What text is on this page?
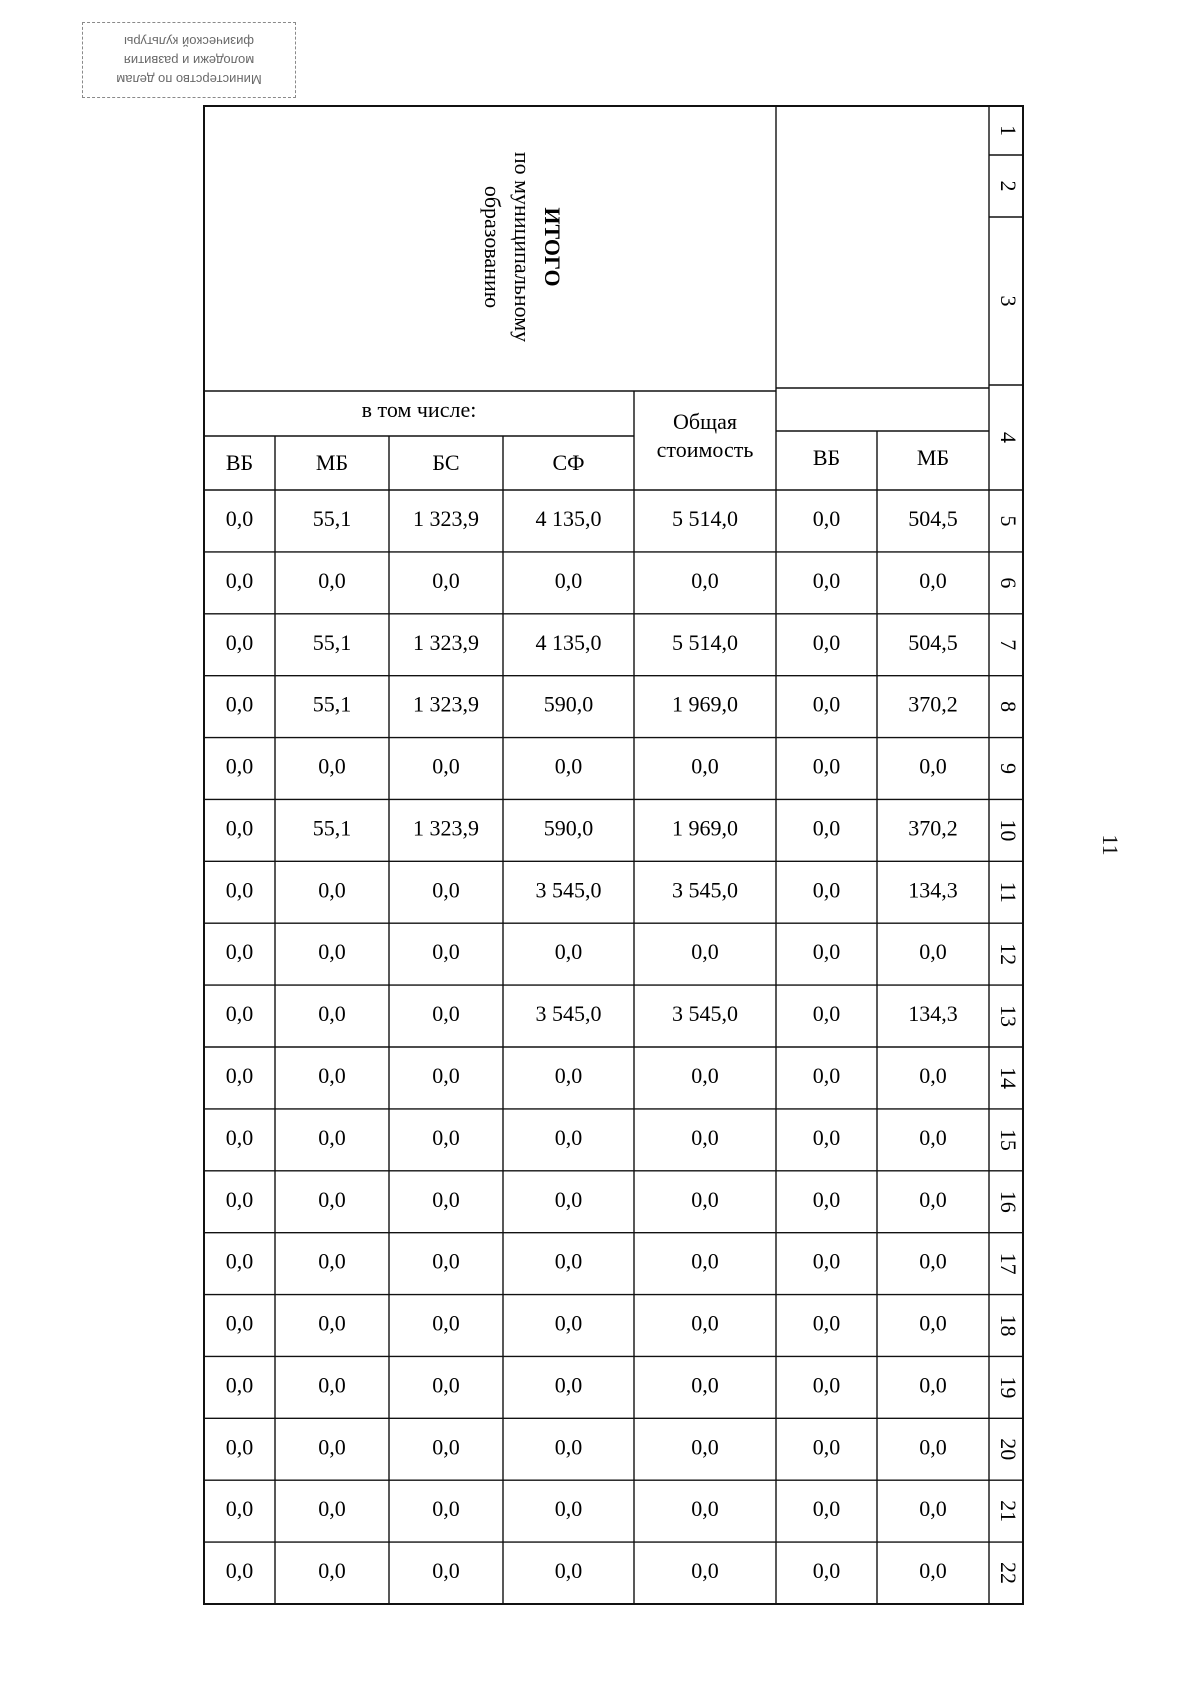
Министерство по делам
молодежи и развития
физической культуры
11
ИТОГО
по муниципальному
образованию
1
2
3
4
в том числе:	Общая
стоимость
ВБ	МБ	БС	СФ	ВБ	МБ
0,0	55,1	1 323,9	4 135,0	5 514,0	0,0	504,5 5
0,0	0,0	0,0	0,0	0,0	0,0	0,0 6
0,0	55,1	1 323,9	4 135,0	5 514,0	0,0	504,5 7
0,0	55,1	1 323,9	590,0	1 969,0	0,0	370,2 8
0,0	0,0	0,0	0,0	0,0	0,0	0,0 9
0,0	55,1	1 323,9	590,0	1 969,0	0,0	370,2 10
0,0	0,0	0,0	3 545,0	3 545,0	0,0	134,3 11
0,0	0,0	0,0	0,0	0,0	0,0	0,0 12
0,0	0,0	0,0	3 545,0	3 545,0	0,0	134,3 13
0,0	0,0	0,0	0,0	0,0	0,0	0,0 14
0,0	0,0	0,0	0,0	0,0	0,0	0,0 15
0,0	0,0	0,0	0,0	0,0	0,0	0,0 16
0,0	0,0	0,0	0,0	0,0	0,0	0,0 17
0,0	0,0	0,0	0,0	0,0	0,0	0,0 18
0,0	0,0	0,0	0,0	0,0	0,0	0,0 19
0,0	0,0	0,0	0,0	0,0	0,0	0,0 20
0,0	0,0	0,0	0,0	0,0	0,0	0,0 21
0,0	0,0	0,0	0,0	0,0	0,0	0,0 22
